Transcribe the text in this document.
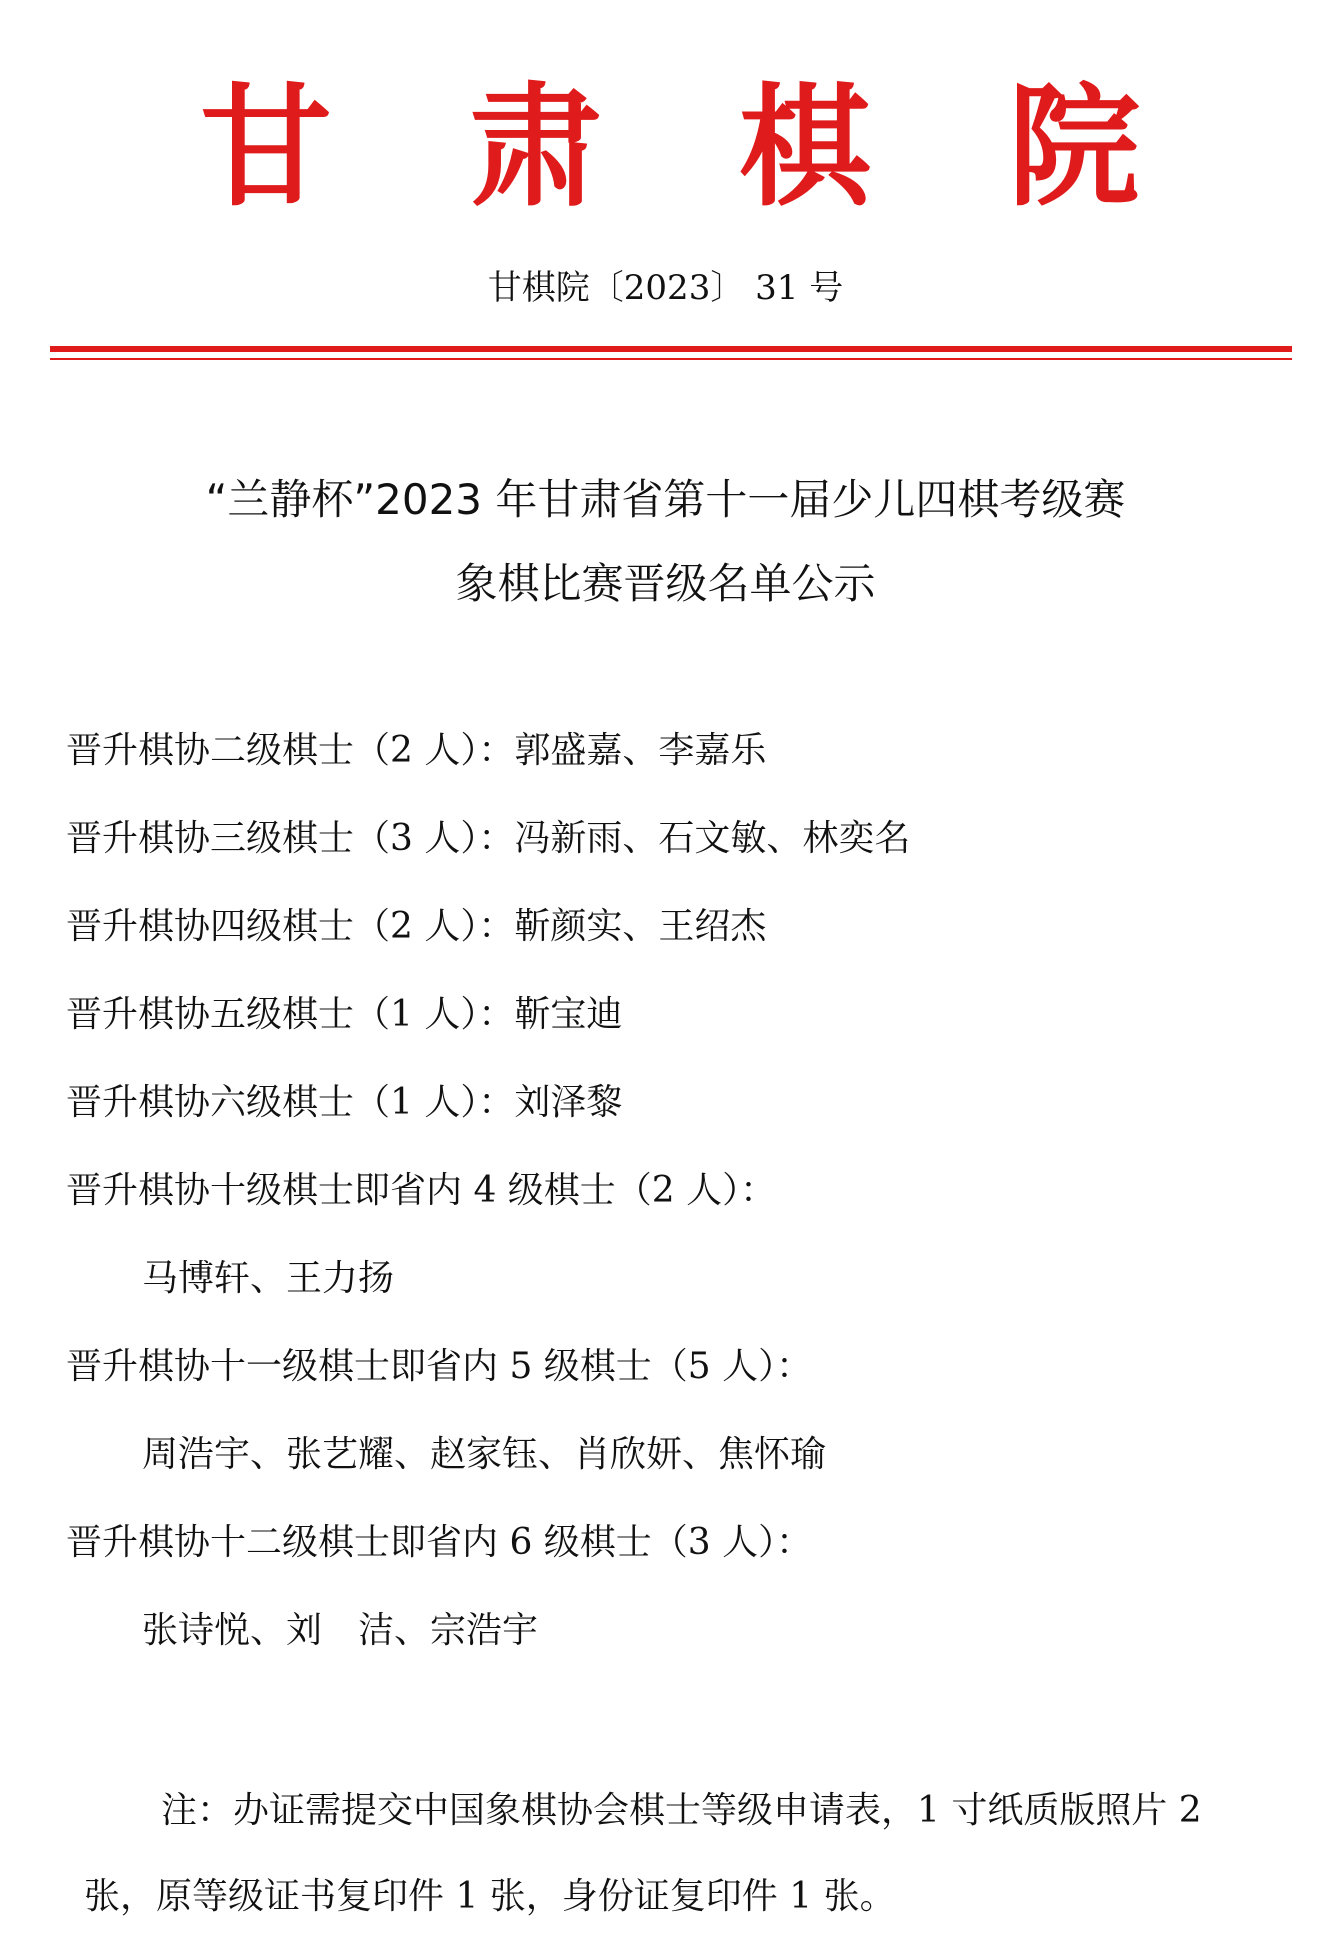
甘 肃 棋 院
甘棋院〔2023〕 31 号
“兰静杯”2023 年甘肃省第十一届少儿四棋考级赛
象棋比赛晋级名单公示
晋升棋协二级棋士（2 人）：郭盛嘉、李嘉乐
晋升棋协三级棋士（3 人）：冯新雨、石文敏、林奕名
晋升棋协四级棋士（2 人）：靳颜实、王绍杰
晋升棋协五级棋士（1 人）：靳宝迪
晋升棋协六级棋士（1 人）：刘泽黎
晋升棋协十级棋士即省内 4 级棋士（2 人）：
马博轩、王力扬
晋升棋协十一级棋士即省内 5 级棋士（5 人）：
周浩宇、张艺耀、赵家钰、肖欣妍、焦怀瑜
晋升棋协十二级棋士即省内 6 级棋士（3 人）：
张诗悦、刘　洁、宗浩宇
注：办证需提交中国象棋协会棋士等级申请表，1 寸纸质版照片 2
张，原等级证书复印件 1 张，身份证复印件 1 张。
